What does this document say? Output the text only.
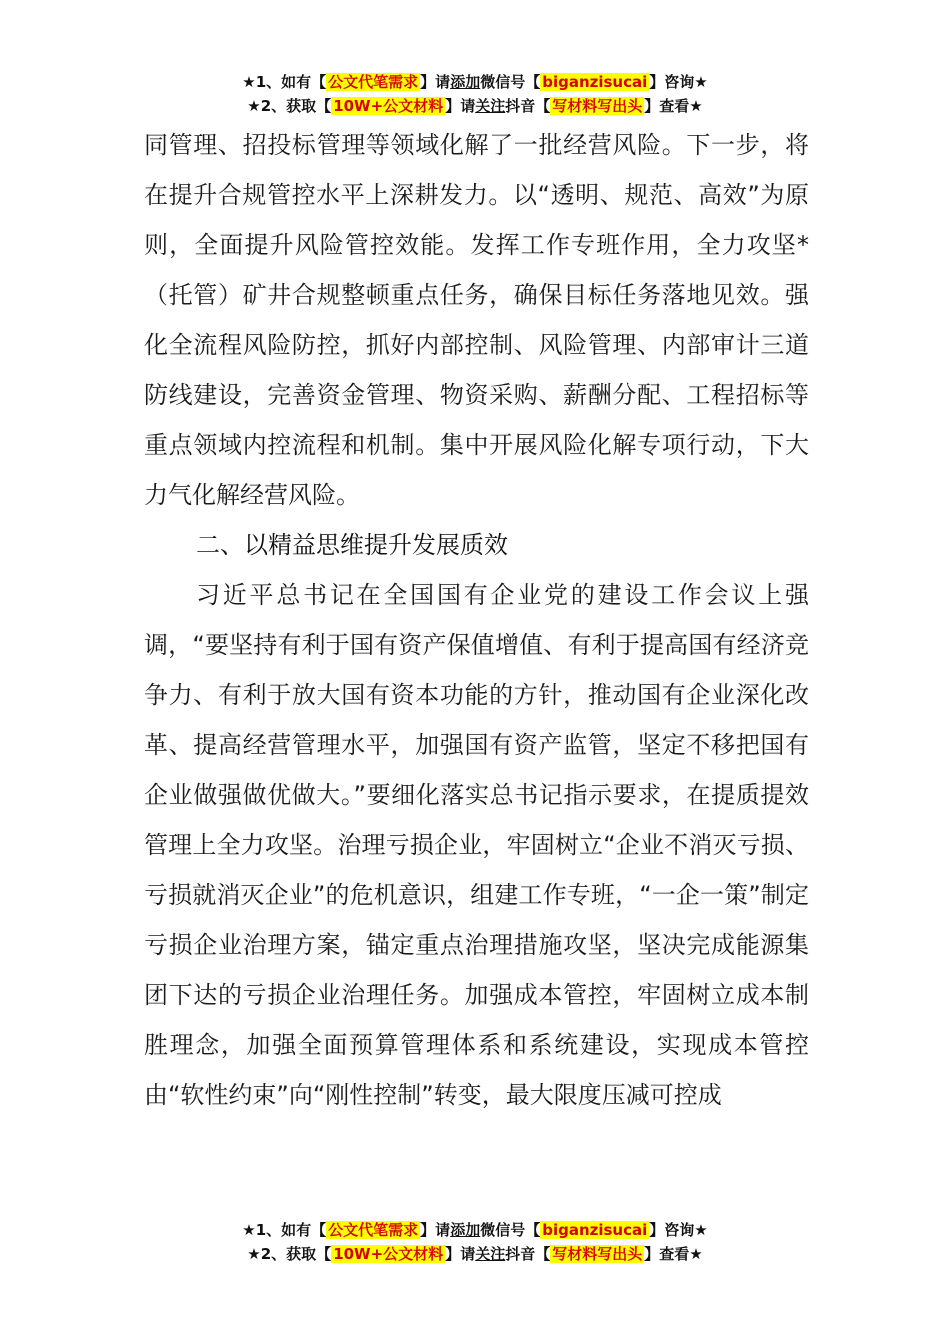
★1、如有【 公文代笔需求 】请添加微信号【 biganzisucai 】咨询★
★2、获取【 10W+公文材料 】请关注抖音【 写材料写出头 】查看★

同管理、招投标管理等领域化解了一批经营风险。下一步，将在提升合规管控水平上深耕发力。以“透明、规范、高效”为原则，全面提升风险管控效能。发挥工作专班作用，全力攻坚*（托管）矿井合规整顿重点任务，确保目标任务落地见效。强化全流程风险防控，抓好内部控制、风险管理、内部审计三道防线建设，完善资金管理、物资采购、薪酬分配、工程招标等重点领域内控流程和机制。集中开展风险化解专项行动，下大力气化解经营风险。

二、以精益思维提升发展质效

习近平总书记在全国国有企业党的建设工作会议上强调，“要坚持有利于国有资产保值增值、有利于提高国有经济竞争力、有利于放大国有资本功能的方针，推动国有企业深化改革、提高经营管理水平，加强国有资产监管，坚定不移把国有企业做强做优做大。”要细化落实总书记指示要求，在提质提效管理上全力攻坚。治理亏损企业，牢固树立“企业不消灭亏损、亏损就消灭企业”的危机意识，组建工作专班，“一企一策”制定亏损企业治理方案，锚定重点治理措施攻坚，坚决完成能源集团下达的亏损企业治理任务。加强成本管控，牢固树立成本制胜理念，加强全面预算管理体系和系统建设，实现成本管控由“软性约束”向“刚性控制”转变，最大限度压减可控成

★1、如有【 公文代笔需求 】请添加微信号【 biganzisucai 】咨询★
★2、获取【 10W+公文材料 】请关注抖音【 写材料写出头 】查看★
